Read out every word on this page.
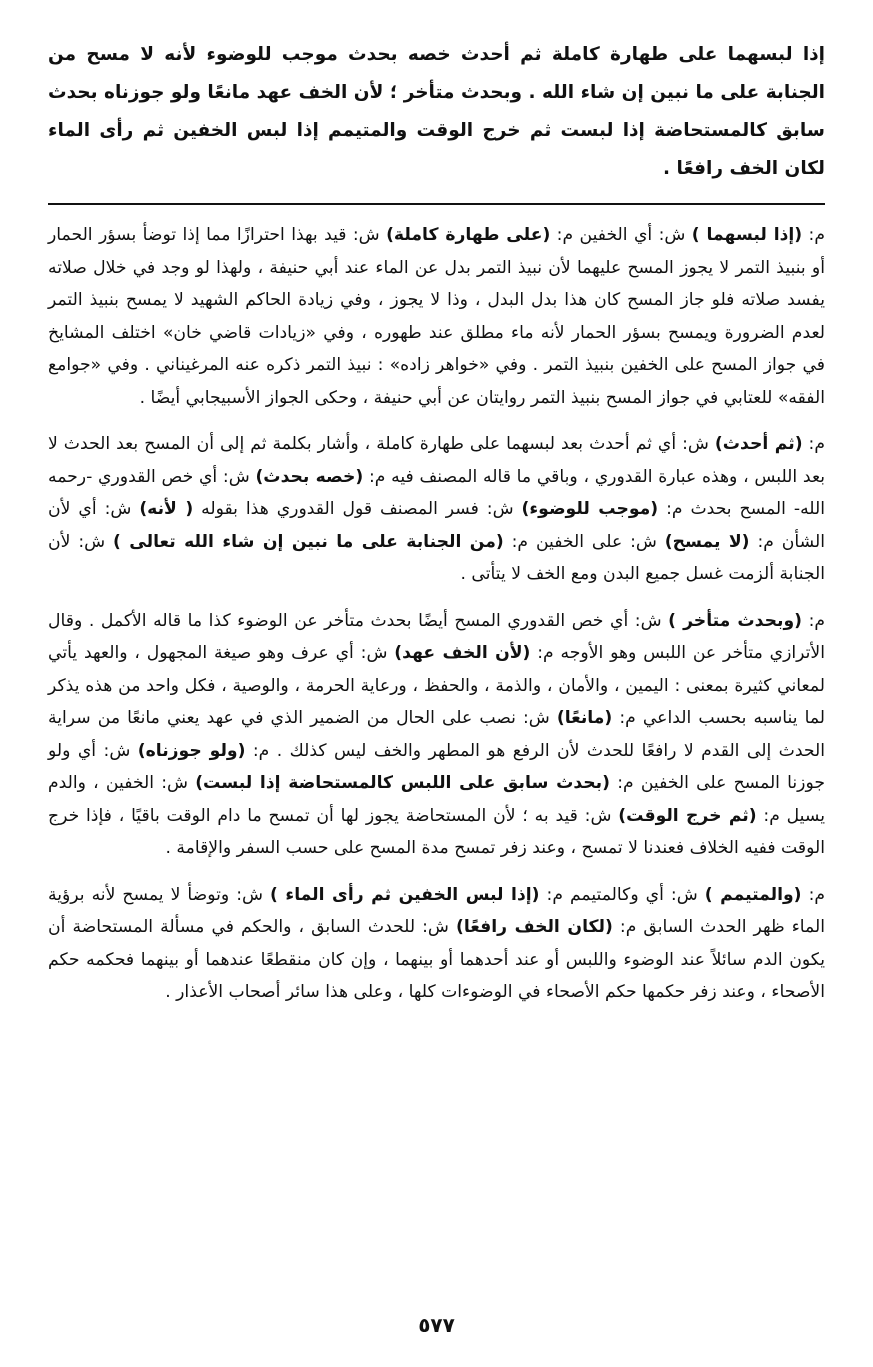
إذا لبسهما على طهارة كاملة ثم أحدث خصه بحدث موجب للوضوء لأنه لا مسح من الجنابة على ما نبين إن شاء الله . وبحدث متأخر ؛ لأن الخف عهد مانعًا ولو جوزناه بحدث سابق كالمستحاضة إذا لبست ثم خرج الوقت والمتيمم إذا لبس الخفين ثم رأى الماء لكان الخف رافعًا .

م: (إذا لبسهما ) ش: أي الخفين م: (على طهارة كاملة) ش: قيد بهذا احترازًا مما إذا توضأ بسؤر الحمار أو بنبيذ التمر لا يجوز المسح عليهما لأن نبيذ التمر بدل عن الماء عند أبي حنيفة ، ولهذا لو وجد في خلال صلاته يفسد صلاته فلو جاز المسح كان هذا بدل البدل ، وذا لا يجوز ، وفي زيادة الحاكم الشهيد لا يمسح بنبيذ التمر لعدم الضرورة ويمسح بسؤر الحمار لأنه ماء مطلق عند طهوره ، وفي «زيادات قاضي خان» اختلف المشايخ في جواز المسح على الخفين بنبيذ التمر . وفي «خواهر زاده» : نبيذ التمر ذكره عنه المرغيناني . وفي «جوامع الفقه» للعتابي في جواز المسح بنبيذ التمر روايتان عن أبي حنيفة ، وحكى الجواز الأسبيجابي أيضًا .

م: (ثم أحدث) ش: أي ثم أحدث بعد لبسهما على طهارة كاملة ، وأشار بكلمة ثم إلى أن المسح بعد الحدث لا بعد اللبس ، وهذه عبارة القدوري ، وباقي ما قاله المصنف فيه م: (خصه بحدث) ش: أي خص القدوري -رحمه الله- المسح بحدث م: (موجب للوضوء) ش: فسر المصنف قول القدوري هذا بقوله ( لأنه) ش: أي لأن الشأن م: (لا يمسح) ش: على الخفين م: (من الجنابة على ما نبين إن شاء الله تعالى ) ش: لأن الجنابة ألزمت غسل جميع البدن ومع الخف لا يتأتى .

م: (وبحدث متأخر ) ش: أي خص القدوري المسح أيضًا بحدث متأخر عن الوضوء كذا ما قاله الأكمل . وقال الأترازي متأخر عن اللبس وهو الأوجه م: (لأن الخف عهد) ش: أي عرف وهو صيغة المجهول ، والعهد يأتي لمعاني كثيرة بمعنى : اليمين ، والأمان ، والذمة ، والحفظ ، ورعاية الحرمة ، والوصية ، فكل واحد من هذه يذكر لما يناسبه بحسب الداعي م: (مانعًا) ش: نصب على الحال من الضمير الذي في عهد يعني مانعًا من سراية الحدث إلى القدم لا رافعًا للحدث لأن الرفع هو المطهر والخف ليس كذلك . م: (ولو جوزناه) ش: أي ولو جوزنا المسح على الخفين م: (بحدث سابق على اللبس كالمستحاضة إذا لبست) ش: الخفين ، والدم يسيل م: (ثم خرج الوقت) ش: قيد به ؛ لأن المستحاضة يجوز لها أن تمسح ما دام الوقت باقيًا ، فإذا خرج الوقت ففيه الخلاف فعندنا لا تمسح ، وعند زفر تمسح مدة المسح على حسب السفر والإقامة .

م: (والمتيمم ) ش: أي وكالمتيمم م: (إذا لبس الخفين ثم رأى الماء ) ش: وتوضأ لا يمسح لأنه برؤية الماء ظهر الحدث السابق م: (لكان الخف رافعًا) ش: للحدث السابق ، والحكم في مسألة المستحاضة أن يكون الدم سائلاً عند الوضوء واللبس أو عند أحدهما أو بينهما ، وإن كان منقطعًا عندهما أو بينهما فحكمه حكم الأصحاء ، وعند زفر حكمها حكم الأصحاء في الوضوءات كلها ، وعلى هذا سائر أصحاب الأعذار .

٥٧٧
